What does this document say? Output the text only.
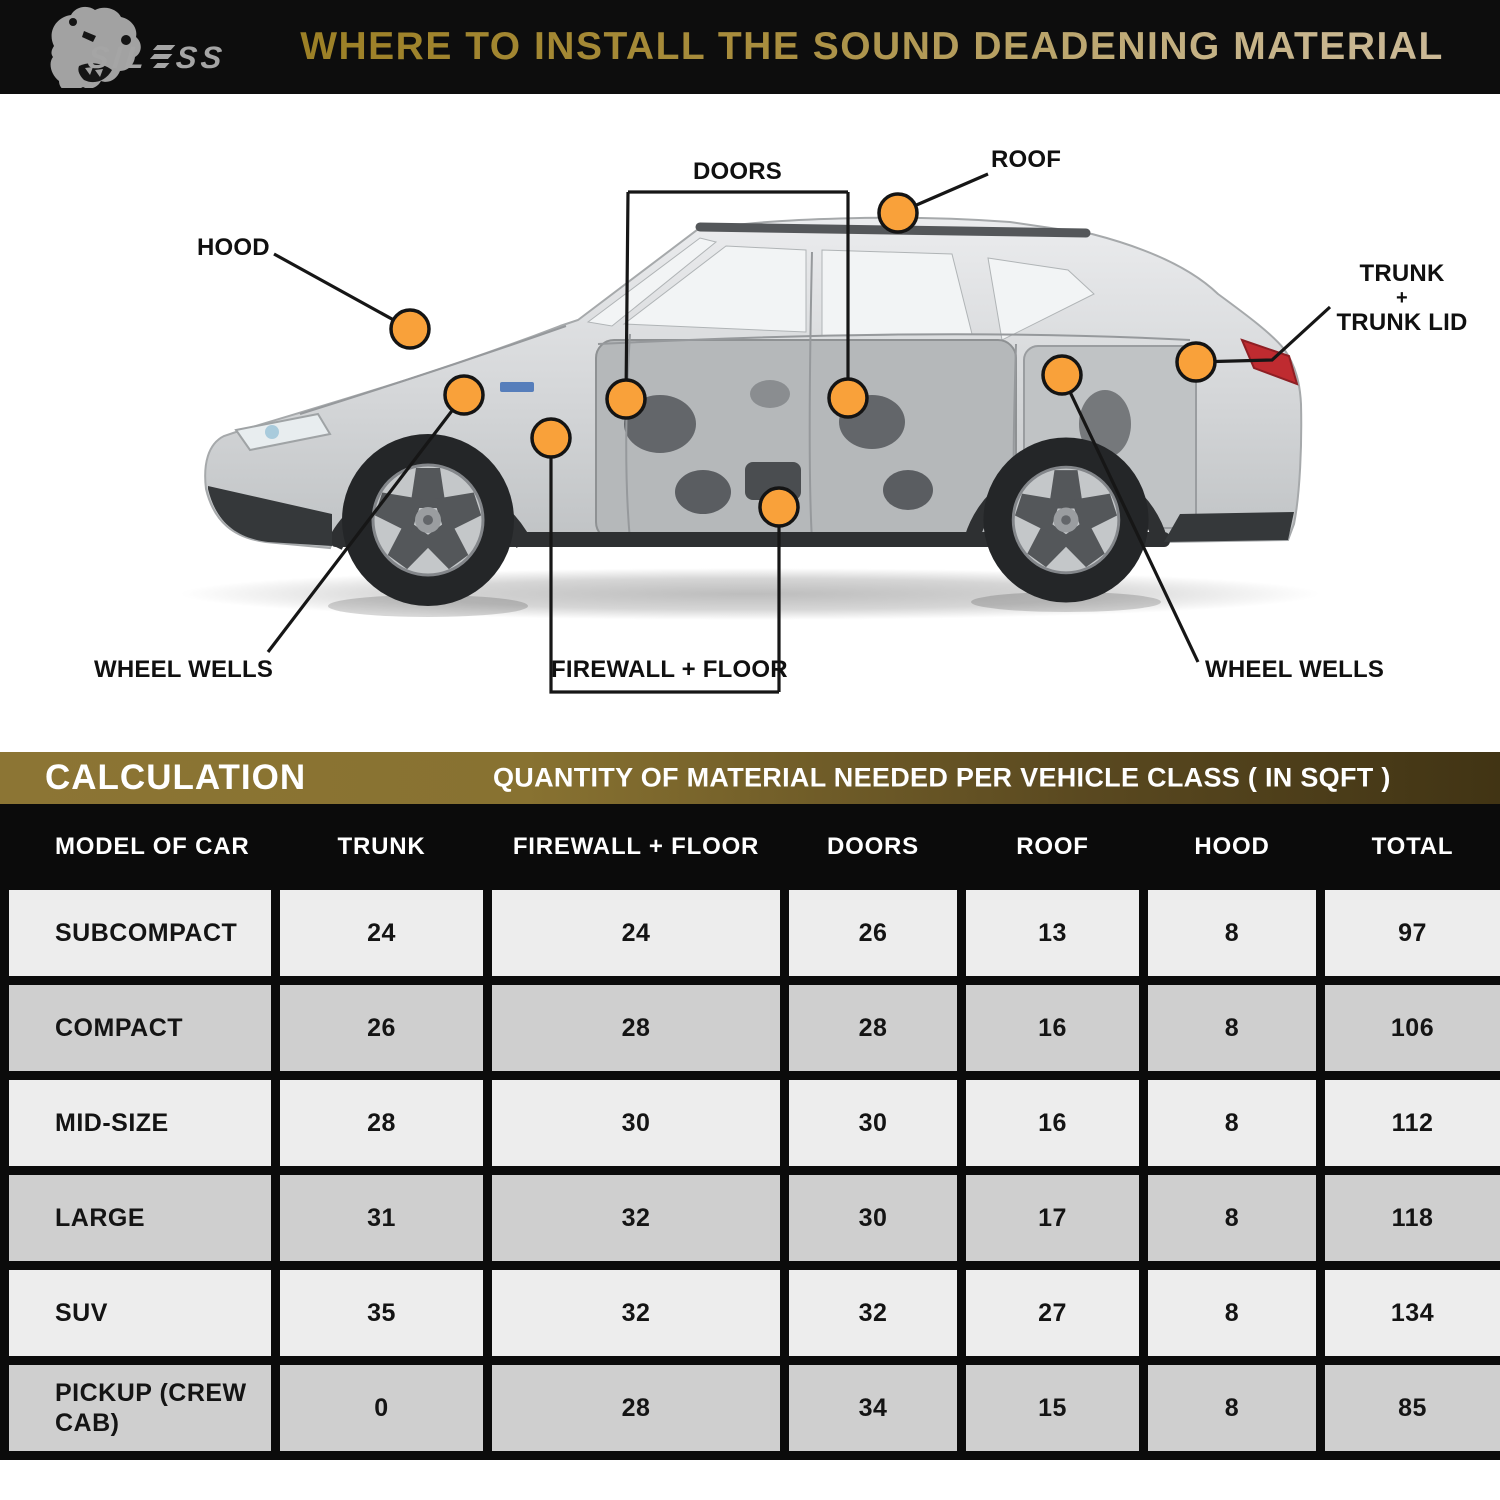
SIL SS WHERE TO INSTALL THE SOUND DEADENING MATERIAL
HOOD
DOORS	ROOF
TRUNK
+
TRUNK LID
WHEEL WELLS	WHEEL WELLS
FIREWALL + FLOOR
CALCULATION	QUANTITY OF MATERIAL NEEDED PER VEHICLE CLASS ( IN SQFT )
MODEL OF CAR	TRUNK	FIREWALL + FLOOR	DOORS	ROOF	HOOD	TOTAL
SUBCOMPACT	24	24	26	13	8	97
COMPACT	26	28	28	16	8	106
MID-SIZE	28	30	30	16	8	112
LARGE	31	32	30	17	8	118
SUV	35	32	32	27	8	134
PICKUP (CREW CAB)	0	28	34	15	8	85
